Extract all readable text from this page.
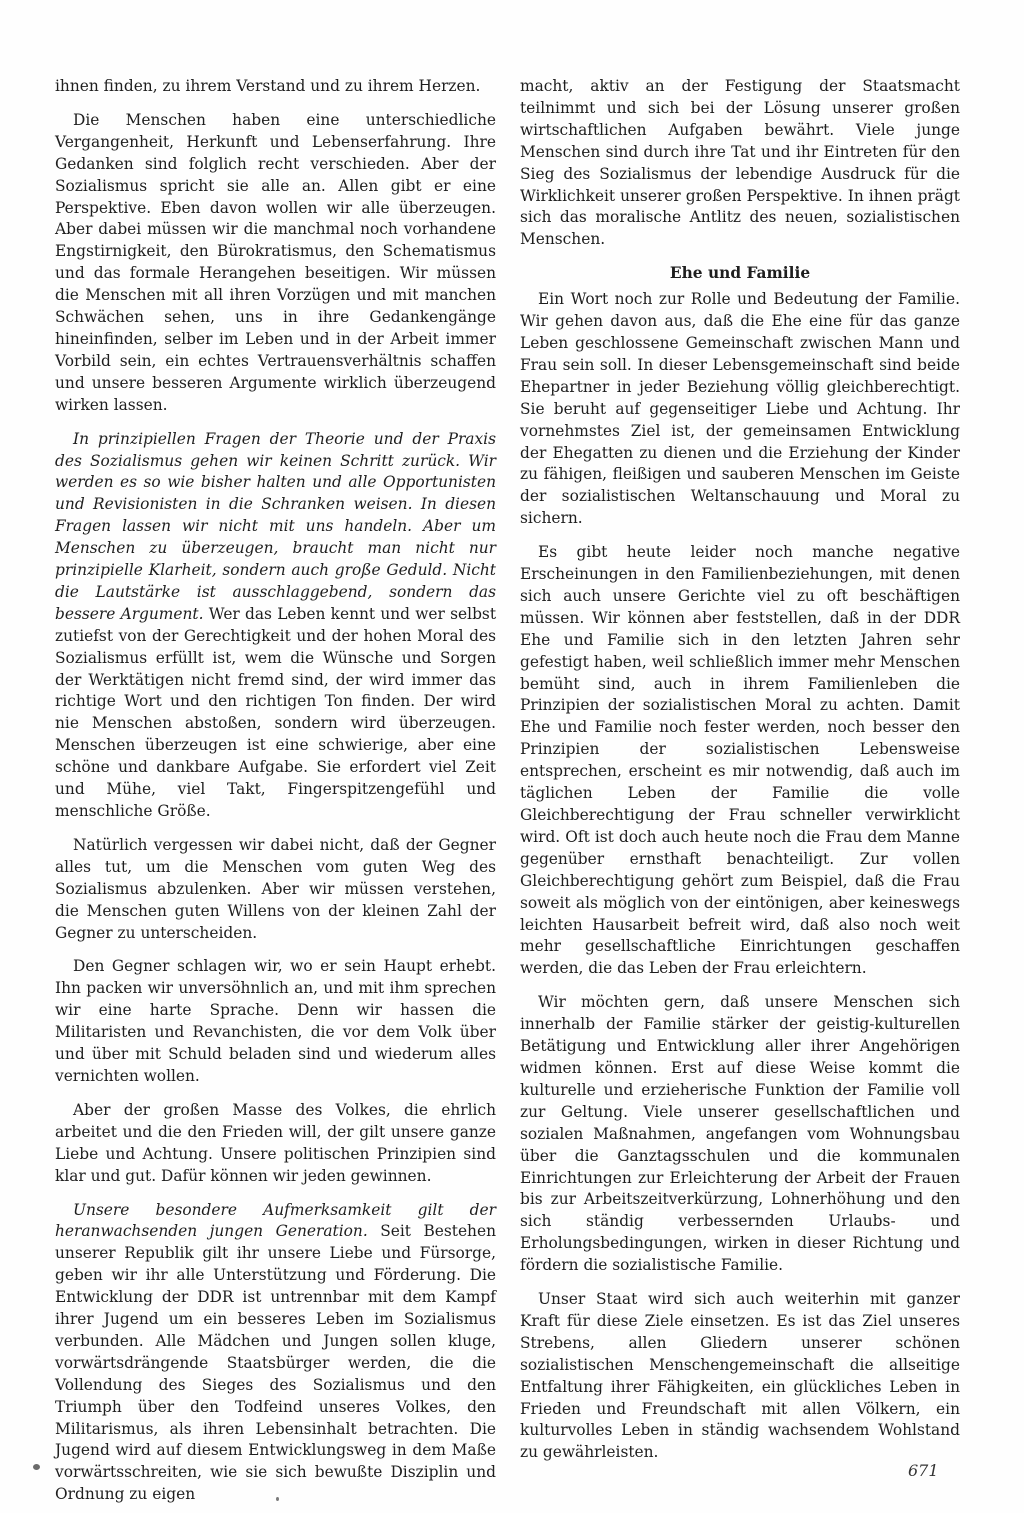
ihnen finden, zu ihrem Verstand und zu ihrem Herzen.

Die Menschen haben eine unterschiedliche Vergangenheit, Herkunft und Lebenserfahrung. Ihre Gedanken sind folglich recht verschieden. Aber der Sozialismus spricht sie alle an. Allen gibt er eine Perspektive. Eben davon wollen wir alle überzeugen. Aber dabei müssen wir die manchmal noch vorhandene Engstirnigkeit, den Bürokratismus, den Schematismus und das formale Herangehen beseitigen. Wir müssen die Menschen mit all ihren Vorzügen und mit manchen Schwächen sehen, uns in ihre Gedankengänge hineinfinden, selber im Leben und in der Arbeit immer Vorbild sein, ein echtes Vertrauensverhältnis schaffen und unsere besseren Argumente wirklich überzeugend wirken lassen.

In prinzipiellen Fragen der Theorie und der Praxis des Sozialismus gehen wir keinen Schritt zurück. Wir werden es so wie bisher halten und alle Opportunisten und Revisionisten in die Schranken weisen. In diesen Fragen lassen wir nicht mit uns handeln. Aber um Menschen zu überzeugen, braucht man nicht nur prinzipielle Klarheit, sondern auch große Geduld. Nicht die Lautstärke ist ausschlaggebend, sondern das bessere Argument. Wer das Leben kennt und wer selbst zutiefst von der Gerechtigkeit und der hohen Moral des Sozialismus erfüllt ist, wem die Wünsche und Sorgen der Werktätigen nicht fremd sind, der wird immer das richtige Wort und den richtigen Ton finden. Der wird nie Menschen abstoßen, sondern wird überzeugen. Menschen überzeugen ist eine schwierige, aber eine schöne und dankbare Aufgabe. Sie erfordert viel Zeit und Mühe, viel Takt, Fingerspitzengefühl und menschliche Größe.

Natürlich vergessen wir dabei nicht, daß der Gegner alles tut, um die Menschen vom guten Weg des Sozialismus abzulenken. Aber wir müssen verstehen, die Menschen guten Willens von der kleinen Zahl der Gegner zu unterscheiden.

Den Gegner schlagen wir, wo er sein Haupt erhebt. Ihn packen wir unversöhnlich an, und mit ihm sprechen wir eine harte Sprache. Denn wir hassen die Militaristen und Revanchisten, die vor dem Volk über und über mit Schuld beladen sind und wiederum alles vernichten wollen.

Aber der großen Masse des Volkes, die ehrlich arbeitet und die den Frieden will, der gilt unsere ganze Liebe und Achtung. Unsere politischen Prinzipien sind klar und gut. Dafür können wir jeden gewinnen.

Unsere besondere Aufmerksamkeit gilt der heranwachsenden jungen Generation. Seit Bestehen unserer Republik gilt ihr unsere Liebe und Fürsorge, geben wir ihr alle Unterstützung und Förderung. Die Entwicklung der DDR ist untrennbar mit dem Kampf ihrer Jugend um ein besseres Leben im Sozialismus verbunden. Alle Mädchen und Jungen sollen kluge, vorwärtsdrängende Staatsbürger werden, die die Vollendung des Sieges des Sozialismus und den Triumph über den Todfeind unseres Volkes, den Militarismus, als ihren Lebensinhalt betrachten. Die Jugend wird auf diesem Entwicklungsweg in dem Maße vorwärtsschreiten, wie sie sich bewußte Disziplin und Ordnung zu eigen

macht, aktiv an der Festigung der Staatsmacht teilnimmt und sich bei der Lösung unserer großen wirtschaftlichen Aufgaben bewährt. Viele junge Menschen sind durch ihre Tat und ihr Eintreten für den Sieg des Sozialismus der lebendige Ausdruck für die Wirklichkeit unserer großen Perspektive. In ihnen prägt sich das moralische Antlitz des neuen, sozialistischen Menschen.

Ehe und Familie

Ein Wort noch zur Rolle und Bedeutung der Familie. Wir gehen davon aus, daß die Ehe eine für das ganze Leben geschlossene Gemeinschaft zwischen Mann und Frau sein soll. In dieser Lebensgemeinschaft sind beide Ehepartner in jeder Beziehung völlig gleichberechtigt. Sie beruht auf gegenseitiger Liebe und Achtung. Ihr vornehmstes Ziel ist, der gemeinsamen Entwicklung der Ehegatten zu dienen und die Erziehung der Kinder zu fähigen, fleißigen und sauberen Menschen im Geiste der sozialistischen Weltanschauung und Moral zu sichern.

Es gibt heute leider noch manche negative Erscheinungen in den Familienbeziehungen, mit denen sich auch unsere Gerichte viel zu oft beschäftigen müssen. Wir können aber feststellen, daß in der DDR Ehe und Familie sich in den letzten Jahren sehr gefestigt haben, weil schließlich immer mehr Menschen bemüht sind, auch in ihrem Familienleben die Prinzipien der sozialistischen Moral zu achten. Damit Ehe und Familie noch fester werden, noch besser den Prinzipien der sozialistischen Lebensweise entsprechen, erscheint es mir notwendig, daß auch im täglichen Leben der Familie die volle Gleichberechtigung der Frau schneller verwirklicht wird. Oft ist doch auch heute noch die Frau dem Manne gegenüber ernsthaft benachteiligt. Zur vollen Gleichberechtigung gehört zum Beispiel, daß die Frau soweit als möglich von der eintönigen, aber keineswegs leichten Hausarbeit befreit wird, daß also noch weit mehr gesellschaftliche Einrichtungen geschaffen werden, die das Leben der Frau erleichtern.

Wir möchten gern, daß unsere Menschen sich innerhalb der Familie stärker der geistig-kulturellen Betätigung und Entwicklung aller ihrer Angehörigen widmen können. Erst auf diese Weise kommt die kulturelle und erzieherische Funktion der Familie voll zur Geltung. Viele unserer gesellschaftlichen und sozialen Maßnahmen, angefangen vom Wohnungsbau über die Ganztagsschulen und die kommunalen Einrichtungen zur Erleichterung der Arbeit der Frauen bis zur Arbeitszeitverkürzung, Lohnerhöhung und den sich ständig verbessernden Urlaubs- und Erholungsbedingungen, wirken in dieser Richtung und fördern die sozialistische Familie.

Unser Staat wird sich auch weiterhin mit ganzer Kraft für diese Ziele einsetzen. Es ist das Ziel unseres Strebens, allen Gliedern unserer schönen sozialistischen Menschengemeinschaft die allseitige Entfaltung ihrer Fähigkeiten, ein glückliches Leben in Frieden und Freundschaft mit allen Völkern, ein kulturvolles Leben in ständig wachsendem Wohlstand zu gewährleisten.

671
